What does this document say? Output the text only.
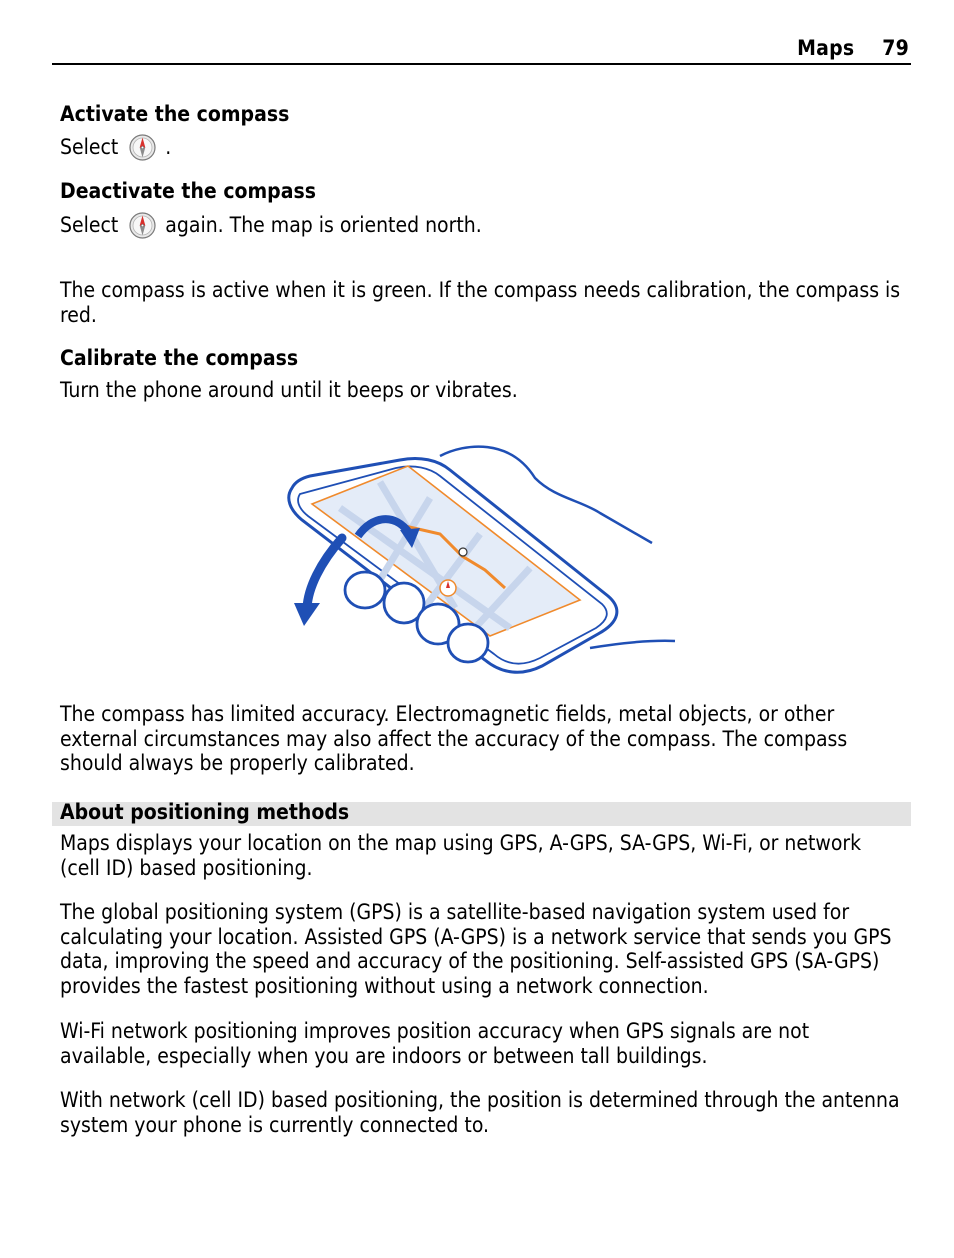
Maps 79
Activate the compass
Select .
Deactivate the compass
Select again. The map is oriented north.
The compass is active when it is green. If the compass needs calibration, the compass is red.
Calibrate the compass
Turn the phone around until it beeps or vibrates.
The compass has limited accuracy. Electromagnetic fields, metal objects, or other external circumstances may also affect the accuracy of the compass. The compass should always be properly calibrated.
Maps displays your location on the map using GPS, A-GPS, SA-GPS, Wi-Fi, or network (cell ID) based positioning.
The global positioning system (GPS) is a satellite-based navigation system used for calculating your location. Assisted GPS (A-GPS) is a network service that sends you GPS data, improving the speed and accuracy of the positioning. Self-assisted GPS (SA-GPS) provides the fastest positioning without using a network connection.
Wi-Fi network positioning improves position accuracy when GPS signals are not available, especially when you are indoors or between tall buildings.
With network (cell ID) based positioning, the position is determined through the antenna system your phone is currently connected to.
About positioning methods
